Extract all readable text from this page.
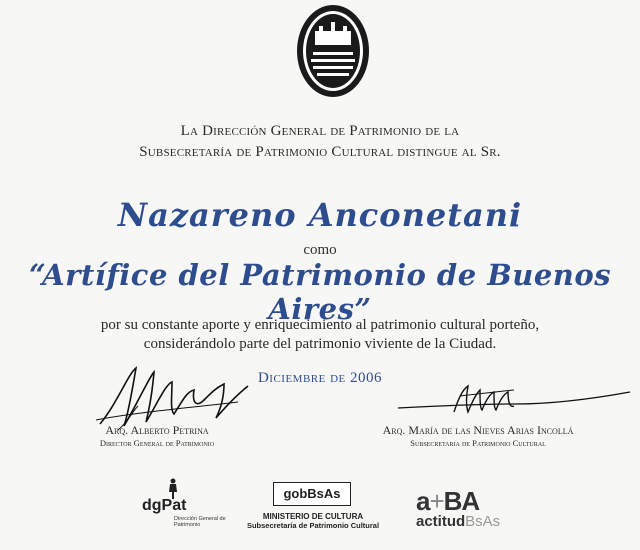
La Dirección General de Patrimonio de la
Subsecretaría de Patrimonio Cultural distingue al Sr.
Nazareno Anconetani
como
“Artífice del Patrimonio de Buenos Aires”
por su constante aporte y enriquecimiento al patrimonio cultural porteño,
considerándolo parte del patrimonio viviente de la Ciudad.
Diciembre de 2006
Arq. Alberto Petrina
Director General de Patrimonio
Arq. María de las Nieves Arias Incollá
Subsecretaria de Patrimonio Cultural
dgPat
Dirección General de Patrimonio
gobBsAs
MINISTERIO DE CULTURA
Subsecretaría de Patrimonio Cultural
a+BA
actitudBsAs
